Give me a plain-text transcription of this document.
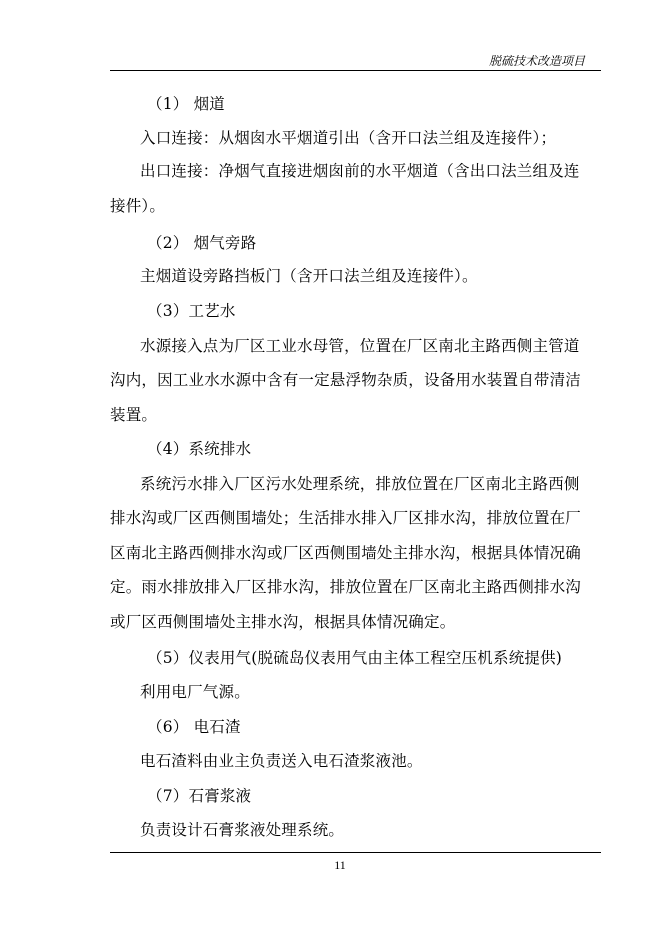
脱硫技术改造项目
（1） 烟道
入口连接：从烟囱水平烟道引出（含开口法兰组及连接件）；
出口连接：净烟气直接进烟囱前的水平烟道（含出口法兰组及连
接件）。
（2） 烟气旁路
主烟道设旁路挡板门（含开口法兰组及连接件）。
（3）工艺水
水源接入点为厂区工业水母管，位置在厂区南北主路西侧主管道
沟内，因工业水水源中含有一定悬浮物杂质，设备用水装置自带清洁
装置。
（4）系统排水
系统污水排入厂区污水处理系统，排放位置在厂区南北主路西侧
排水沟或厂区西侧围墙处；生活排水排入厂区排水沟，排放位置在厂
区南北主路西侧排水沟或厂区西侧围墙处主排水沟，根据具体情况确
定。雨水排放排入厂区排水沟，排放位置在厂区南北主路西侧排水沟
或厂区西侧围墙处主排水沟，根据具体情况确定。
（5）仪表用气(脱硫岛仪表用气由主体工程空压机系统提供)
利用电厂气源。
（6） 电石渣
电石渣料由业主负责送入电石渣浆液池。
（7）石膏浆液
负责设计石膏浆液处理系统。
11
